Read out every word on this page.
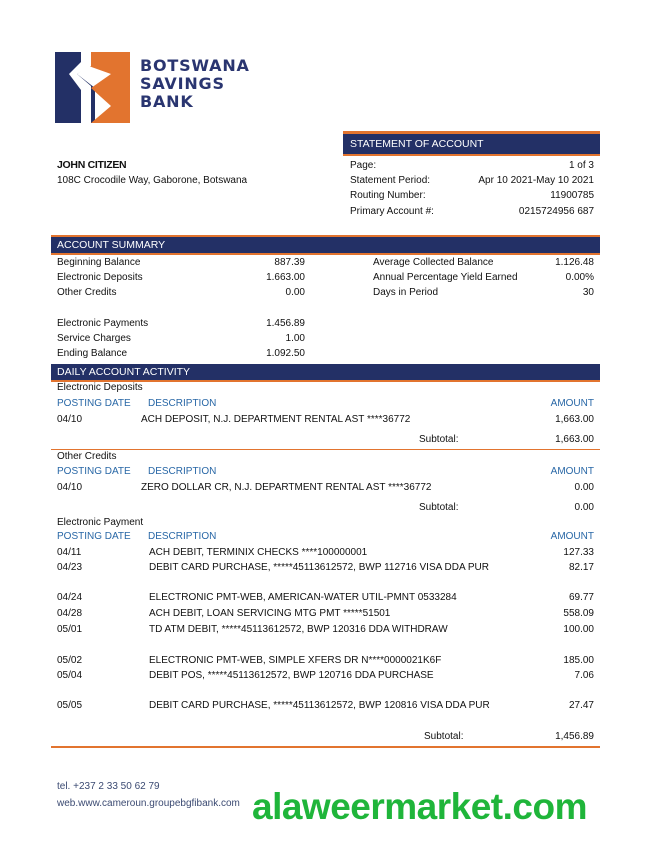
BOTSWANA
SAVINGS
BANK
STATEMENT OF ACCOUNT
Page:	1 of 3
Statement Period:	Apr 10 2021-May 10 2021
Routing Number:	11900785
Primary Account #:	0215724956 687
JOHN CITIZEN
108C Crocodile Way, Gaborone, Botswana
ACCOUNT SUMMARY
Beginning Balance	887.39
Electronic Deposits	1.663.00
Other Credits	0.00
Electronic Payments	1.456.89
Service Charges	1.00
Ending Balance	1.092.50
Average Collected Balance	1.126.48
Annual Percentage Yield Earned	0.00%
Days in Period	30
DAILY ACCOUNT ACTIVITY
Electronic Deposits
POSTING DATE DESCRIPTION	AMOUNT
04/10	ACH DEPOSIT, N.J. DEPARTMENT RENTAL AST ****36772	1,663.00
Subtotal:	1,663.00
Other Credits
POSTING DATE DESCRIPTION	AMOUNT
04/10	ZERO DOLLAR CR, N.J. DEPARTMENT RENTAL AST ****36772	0.00
Subtotal:	0.00
Electronic Payment
POSTING DATE DESCRIPTION	AMOUNT
04/11	ACH DEBIT, TERMINIX CHECKS ****100000001	127.33
04/23	DEBIT CARD PURCHASE, *****45113612572, BWP 112716 VISA DDA PUR	82.17
04/24	ELECTRONIC PMT-WEB, AMERICAN-WATER UTIL-PMNT 0533284	69.77
04/28	ACH DEBIT, LOAN SERVICING MTG PMT *****51501	558.09
05/01	TD ATM DEBIT, *****45113612572, BWP 120316 DDA WITHDRAW	100.00
05/02	ELECTRONIC PMT-WEB, SIMPLE XFERS DR N****0000021K6F	185.00
05/04	DEBIT POS, *****45113612572, BWP 120716 DDA PURCHASE	7.06
05/05	DEBIT CARD PURCHASE, *****45113612572, BWP 120816 VISA DDA PUR	27.47
Subtotal:	1,456.89
tel. +237 2 33 50 62 79
web.www.cameroun.groupebgfibank.com alaweermarket.com
